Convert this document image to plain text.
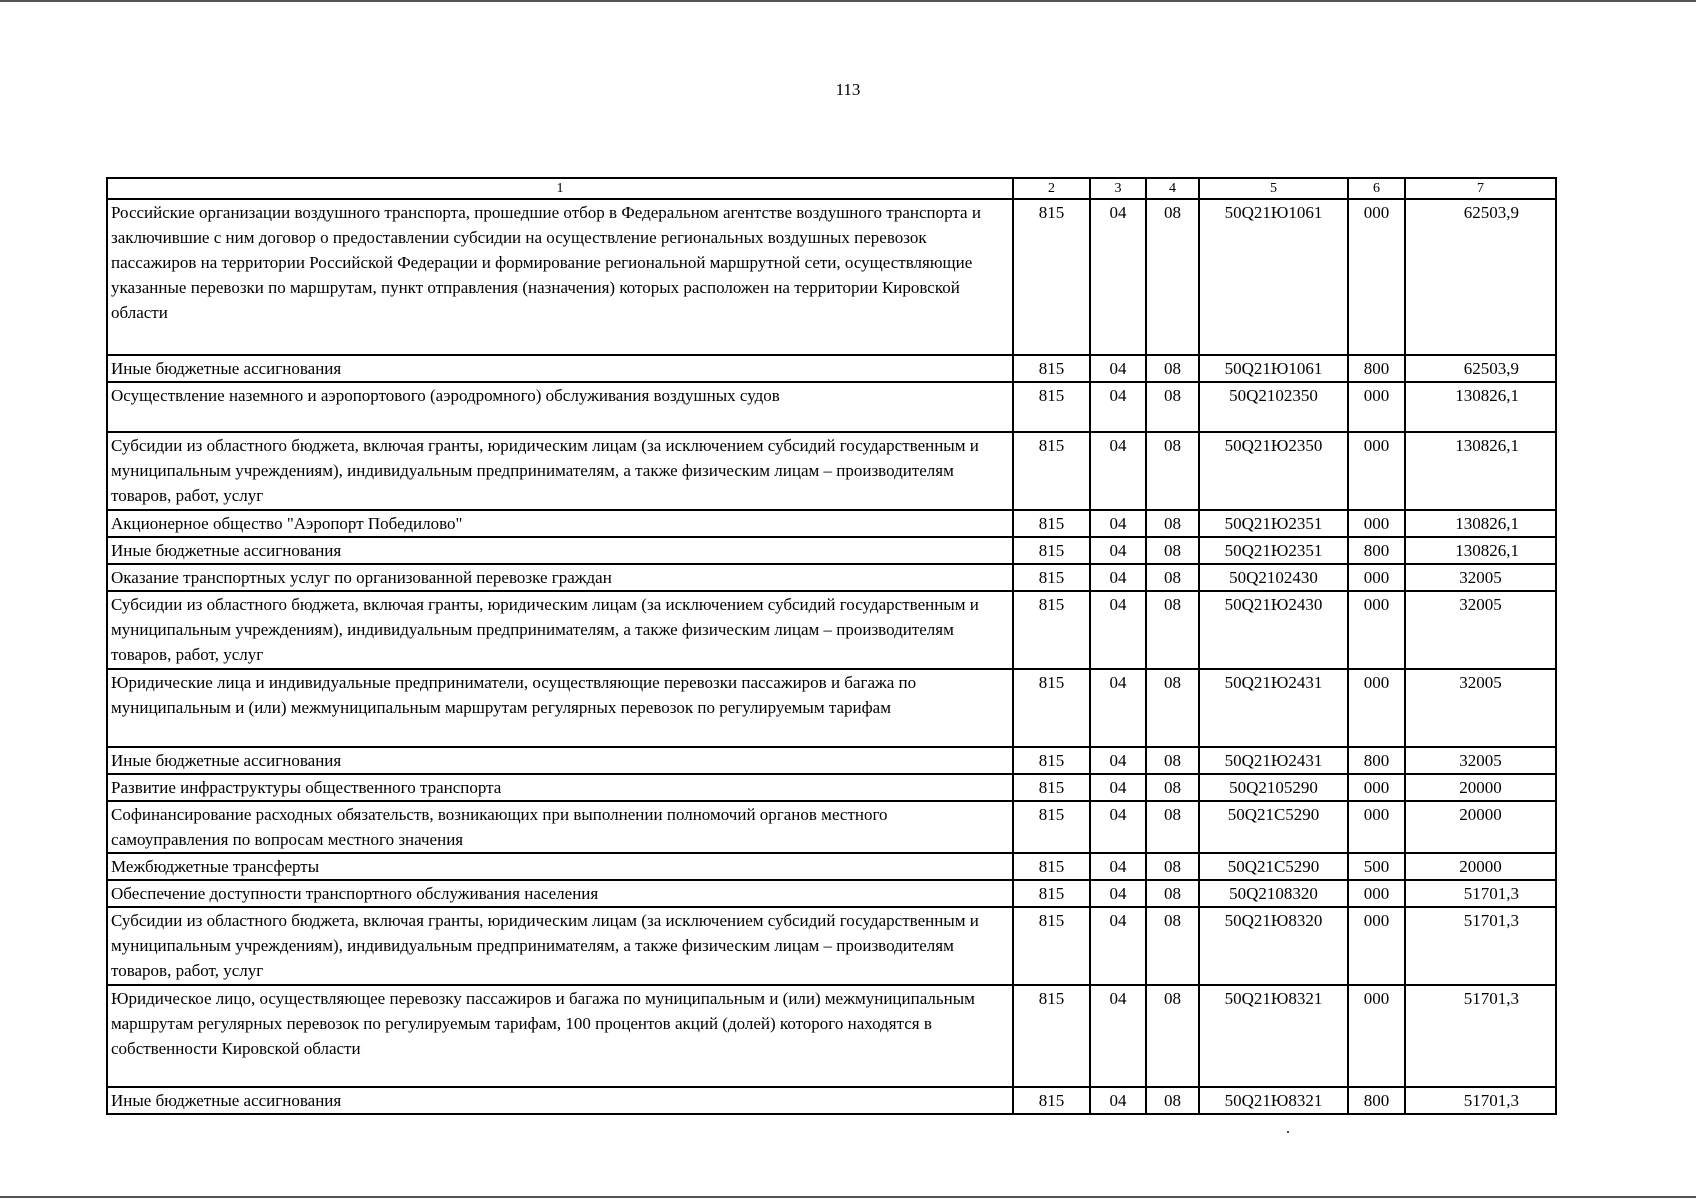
113
1	2	3	4	5	6	7
Российские организации воздушного транспорта, прошедшие отбор в Федеральном агентстве воздушного транспорта и заключившие с ним договор о предоставлении субсидии на осуществление региональных воздушных перевозок пассажиров на территории Российской Федерации и формирование региональной маршрутной сети, осуществляющие указанные перевозки по маршрутам, пункт отправления (назначения) которых расположен на территории Кировской области	815	04	08	50Q21Ю1061	000	62503,9
Иные бюджетные ассигнования	815	04	08	50Q21Ю1061	800	62503,9
Осуществление наземного и аэропортового (аэродромного) обслуживания воздушных судов	815	04	08	50Q2102350	000	130826,1
Субсидии из областного бюджета, включая гранты, юридическим лицам (за исключением субсидий государственным и муниципальным учреждениям), индивидуальным предпринимателям, а также физическим лицам – производителям товаров, работ, услуг	815	04	08	50Q21Ю2350	000	130826,1
Акционерное общество "Аэропорт Победилово"	815	04	08	50Q21Ю2351	000	130826,1
Иные бюджетные ассигнования	815	04	08	50Q21Ю2351	800	130826,1
Оказание транспортных услуг по организованной перевозке граждан	815	04	08	50Q2102430	000	32005
Субсидии из областного бюджета, включая гранты, юридическим лицам (за исключением субсидий государственным и муниципальным учреждениям), индивидуальным предпринимателям, а также физическим лицам – производителям товаров, работ, услуг	815	04	08	50Q21Ю2430	000	32005
Юридические лица и индивидуальные предприниматели, осуществляющие перевозки пассажиров и багажа по муниципальным и (или) межмуниципальным маршрутам регулярных перевозок по регулируемым тарифам	815	04	08	50Q21Ю2431	000	32005
Иные бюджетные ассигнования	815	04	08	50Q21Ю2431	800	32005
Развитие инфраструктуры общественного транспорта	815	04	08	50Q2105290	000	20000
Софинансирование расходных обязательств, возникающих при выполнении полномочий органов местного самоуправления по вопросам местного значения	815	04	08	50Q21С5290	000	20000
Межбюджетные трансферты	815	04	08	50Q21С5290	500	20000
Обеспечение доступности транспортного обслуживания населения	815	04	08	50Q2108320	000	51701,3
Субсидии из областного бюджета, включая гранты, юридическим лицам (за исключением субсидий государственным и муниципальным учреждениям), индивидуальным предпринимателям, а также физическим лицам – производителям товаров, работ, услуг	815	04	08	50Q21Ю8320	000	51701,3
Юридическое лицо, осуществляющее перевозку пассажиров и багажа по муниципальным и (или) межмуниципальным маршрутам регулярных перевозок по регулируемым тарифам, 100 процентов акций (долей) которого находятся в собственности Кировской области	815	04	08	50Q21Ю8321	000	51701,3
Иные бюджетные ассигнования	815	04	08	50Q21Ю8321	800	51701,3
